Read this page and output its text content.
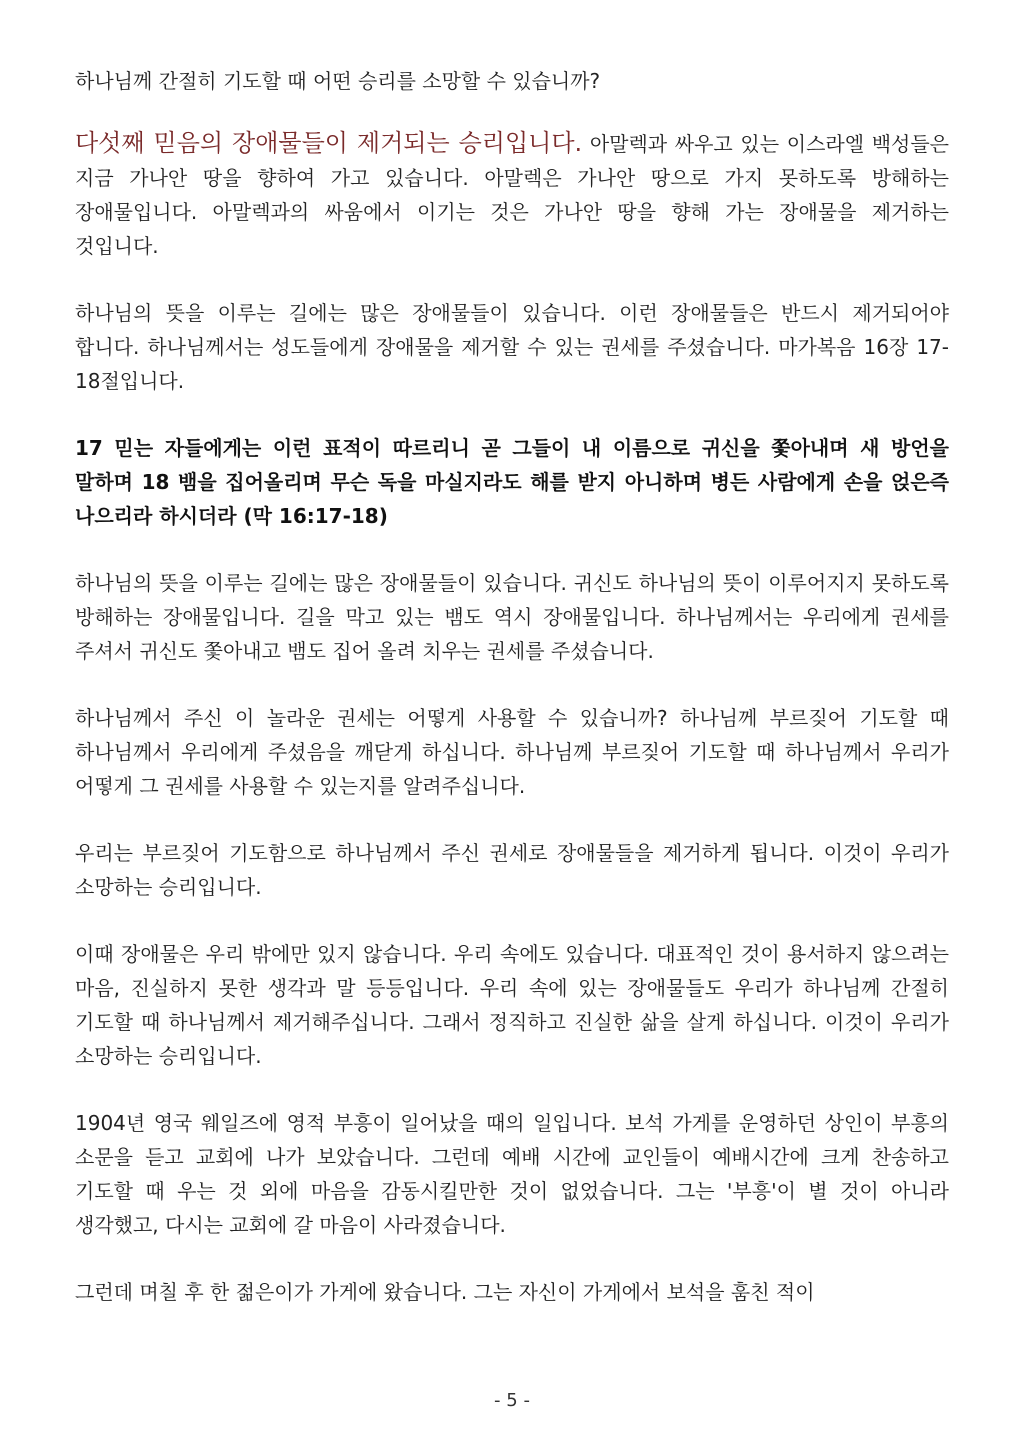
하나님께 간절히 기도할 때 어떤 승리를 소망할 수 있습니까?

다섯째 믿음의 장애물들이 제거되는 승리입니다. 아말렉과 싸우고 있는 이스라엘 백성들은 지금 가나안 땅을 향하여 가고 있습니다. 아말렉은 가나안 땅으로 가지 못하도록 방해하는 장애물입니다. 아말렉과의 싸움에서 이기는 것은 가나안 땅을 향해 가는 장애물을 제거하는 것입니다.

하나님의 뜻을 이루는 길에는 많은 장애물들이 있습니다. 이런 장애물들은 반드시 제거되어야 합니다. 하나님께서는 성도들에게 장애물을 제거할 수 있는 권세를 주셨습니다. 마가복음 16장 17-18절입니다.

17 믿는 자들에게는 이런 표적이 따르리니 곧 그들이 내 이름으로 귀신을 쫓아내며 새 방언을 말하며 18 뱀을 집어올리며 무슨 독을 마실지라도 해를 받지 아니하며 병든 사람에게 손을 얹은즉 나으리라 하시더라 (막 16:17-18)

하나님의 뜻을 이루는 길에는 많은 장애물들이 있습니다. 귀신도 하나님의 뜻이 이루어지지 못하도록 방해하는 장애물입니다. 길을 막고 있는 뱀도 역시 장애물입니다. 하나님께서는 우리에게 권세를 주셔서 귀신도 쫓아내고 뱀도 집어 올려 치우는 권세를 주셨습니다.

하나님께서 주신 이 놀라운 권세는 어떻게 사용할 수 있습니까? 하나님께 부르짖어 기도할 때 하나님께서 우리에게 주셨음을 깨닫게 하십니다. 하나님께 부르짖어 기도할 때 하나님께서 우리가 어떻게 그 권세를 사용할 수 있는지를 알려주십니다.

우리는 부르짖어 기도함으로 하나님께서 주신 권세로 장애물들을 제거하게 됩니다. 이것이 우리가 소망하는 승리입니다.

이때 장애물은 우리 밖에만 있지 않습니다. 우리 속에도 있습니다. 대표적인 것이 용서하지 않으려는 마음, 진실하지 못한 생각과 말 등등입니다. 우리 속에 있는 장애물들도 우리가 하나님께 간절히 기도할 때 하나님께서 제거해주십니다. 그래서 정직하고 진실한 삶을 살게 하십니다. 이것이 우리가 소망하는 승리입니다.

1904년 영국 웨일즈에 영적 부흥이 일어났을 때의 일입니다. 보석 가게를 운영하던 상인이 부흥의 소문을 듣고 교회에 나가 보았습니다. 그런데 예배 시간에 교인들이 예배시간에 크게 찬송하고 기도할 때 우는 것 외에 마음을 감동시킬만한 것이 없었습니다. 그는 '부흥'이 별 것이 아니라 생각했고, 다시는 교회에 갈 마음이 사라졌습니다.

그런데 며칠 후 한 젊은이가 가게에 왔습니다. 그는 자신이 가게에서 보석을 훔친 적이

- 5 -
